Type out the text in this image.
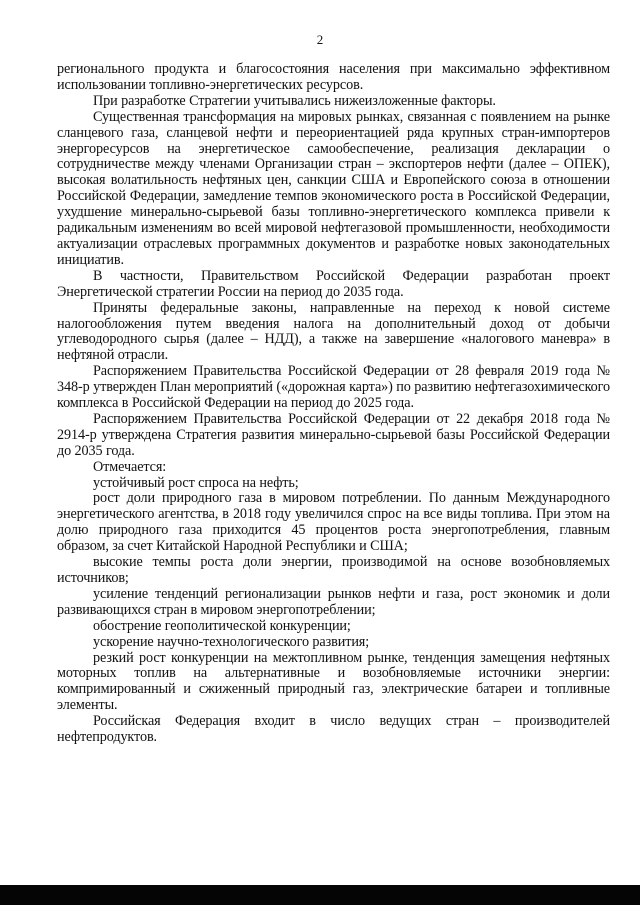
2

регионального продукта и благосостояния населения при максимально эффективном использовании топливно-энергетических ресурсов.

При разработке Стратегии учитывались нижеизложенные факторы.

Существенная трансформация на мировых рынках, связанная с появлением на рынке сланцевого газа, сланцевой нефти и переориентацией ряда крупных стран-импортеров энергоресурсов на энергетическое самообеспечение, реализация декларации о сотрудничестве между членами Организации стран – экспортеров нефти (далее – ОПЕК), высокая волатильность нефтяных цен, санкции США и Европейского союза в отношении Российской Федерации, замедление темпов экономического роста в Российской Федерации, ухудшение минерально-сырьевой базы топливно-энергетического комплекса привели к радикальным изменениям во всей мировой нефтегазовой промышленности, необходимости актуализации отраслевых программных документов и разработке новых законодательных инициатив.

В частности, Правительством Российской Федерации разработан проект Энергетической стратегии России на период до 2035 года.

Приняты федеральные законы, направленные на переход к новой системе налогообложения путем введения налога на дополнительный доход от добычи углеводородного сырья (далее – НДД), а также на завершение «налогового маневра» в нефтяной отрасли.

Распоряжением Правительства Российской Федерации от 28 февраля 2019 года № 348-р утвержден План мероприятий («дорожная карта») по развитию нефтегазохимического комплекса в Российской Федерации на период до 2025 года.

Распоряжением Правительства Российской Федерации от 22 декабря 2018 года № 2914-р утверждена Стратегия развития минерально-сырьевой базы Российской Федерации до 2035 года.

Отмечается:

устойчивый рост спроса на нефть;

рост доли природного газа в мировом потреблении. По данным Международного энергетического агентства, в 2018 году увеличился спрос на все виды топлива. При этом на долю природного газа приходится 45 процентов роста энергопотребления, главным образом, за счет Китайской Народной Республики и США;

высокие темпы роста доли энергии, производимой на основе возобновляемых источников;

усиление тенденций регионализации рынков нефти и газа, рост экономик и доли развивающихся стран в мировом энергопотреблении;

обострение геополитической конкуренции;

ускорение научно-технологического развития;

резкий рост конкуренции на межтопливном рынке, тенденция замещения нефтяных моторных топлив на альтернативные и возобновляемые источники энергии: компримированный и сжиженный природный газ, электрические батареи и топливные элементы.

Российская Федерация входит в число ведущих стран – производителей нефтепродуктов.
